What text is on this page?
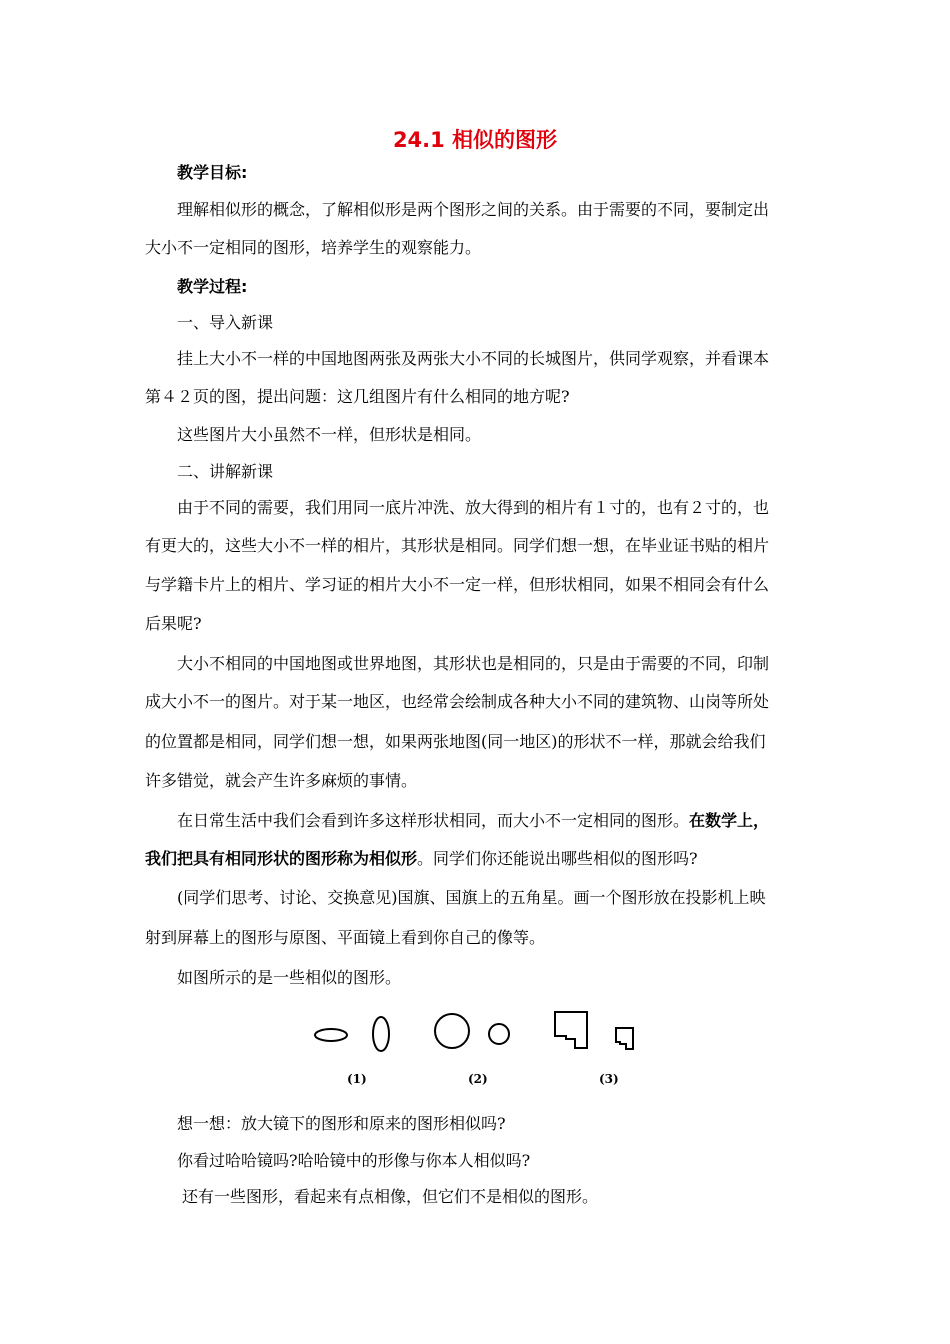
24.1 相似的图形
教学目标:
理解相似形的概念，了解相似形是两个图形之间的关系。由于需要的不同，要制定出
大小不一定相同的图形，培养学生的观察能力。
教学过程:
一、导入新课
挂上大小不一样的中国地图两张及两张大小不同的长城图片，供同学观察，并看课本
第４２页的图，提出问题：这几组图片有什么相同的地方呢?
这些图片大小虽然不一样，但形状是相同。
二、讲解新课
由于不同的需要，我们用同一底片冲洗、放大得到的相片有１寸的，也有２寸的，也
有更大的，这些大小不一样的相片，其形状是相同。同学们想一想，在毕业证书贴的相片
与学籍卡片上的相片、学习证的相片大小不一定一样，但形状相同，如果不相同会有什么
后果呢?
大小不相同的中国地图或世界地图，其形状也是相同的，只是由于需要的不同，印制
成大小不一的图片。对于某一地区，也经常会绘制成各种大小不同的建筑物、山岗等所处
的位置都是相同，同学们想一想，如果两张地图(同一地区)的形状不一样，那就会给我们
许多错觉，就会产生许多麻烦的事情。
在日常生活中我们会看到许多这样形状相同，而大小不一定相同的图形。在数学上，
我们把具有相同形状的图形称为相似形。同学们你还能说出哪些相似的图形吗?
(同学们思考、讨论、交换意见)国旗、国旗上的五角星。画一个图形放在投影机上映
射到屏幕上的图形与原图、平面镜上看到你自己的像等。
如图所示的是一些相似的图形。
(1)	(2)	(3)
想一想：放大镜下的图形和原来的图形相似吗?
你看过哈哈镜吗?哈哈镜中的形像与你本人相似吗?
还有一些图形，看起来有点相像，但它们不是相似的图形。
